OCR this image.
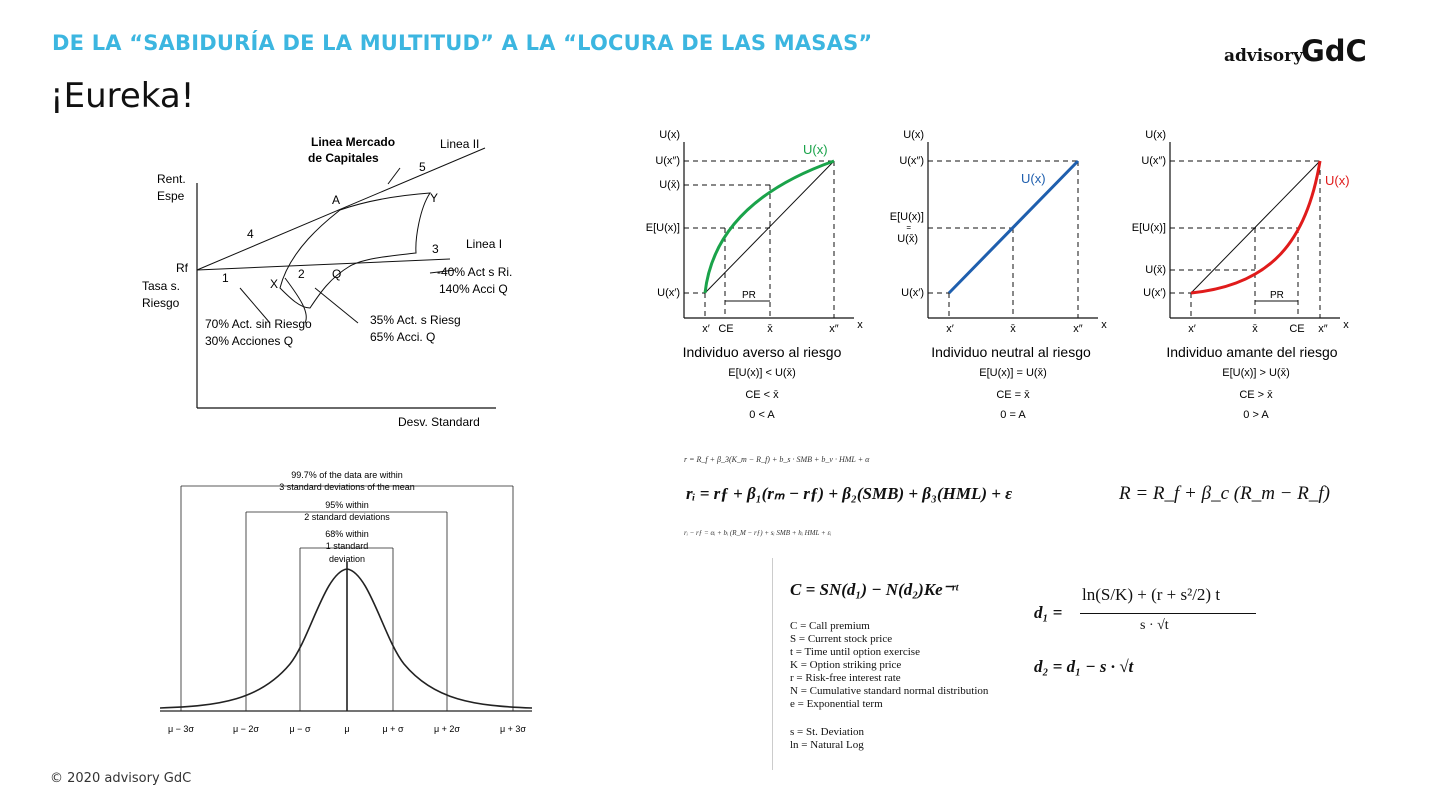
DE LA “SABIDURÍA DE LA MULTITUD” A LA “LOCURA DE LAS MASAS”
advisoryGdC
¡Eureka!
Linea Mercado
de Capitales
Linea II
Linea I
Rent.
Espe
Rf
Tasa s.
Riesgo
Desv. Standard
1	2
3
4
5
A	Y
X
Q
70% Act. sin Riesgo
30% Acciones Q
35% Act. s Riesg
65% Acci. Q
-40% Act s Ri.
140% Acci Q
99.7% of the data are within
3 standard deviations of the mean
95% within
2 standard deviations
68% within
1 standard
deviation
μ − 3σ	μ − 2σ	μ − σ	μ	μ + σ	μ + 2σ	μ + 3σ
U(x)
PR
U(x)
U(x″)
U(x̄)
E[U(x)]
U(x′)
x
x′ CE	x̄	x″
Individuo averso al riesgo
E[U(x)] < U(x̄)
CE < x̄
0 < A
U(x)
U(x)
U(x″)
E[U(x)]
=
U(x̄)
U(x′)
x
x′	x̄	x″
Individuo neutral al riesgo
E[U(x)] = U(x̄)
CE = x̄
0 = A
U(x)
PR
U(x)
U(x″)
E[U(x)]
U(x̄)
U(x′)
x
x′	x̄	CE x″
Individuo amante del riesgo
E[U(x)] > U(x̄)
CE > x̄
0 > A
r = R_f + β_3(K_m − R_f) + b_s · SMB + b_v · HML + α
rᵢ = rƒ + β₁(rₘ − rƒ) + β₂(SMB) + β₃(HML) + ε	R = R_f + β_c (R_m − R_f)
rᵢ − rƒ = αᵢ + bᵢ (R_M − rƒ) + sᵢ SMB + hᵢ HML + εᵢ
C = SN(d₁) − N(d₂)Ke⁻ʳᵗ
C = Call premium
S = Current stock price
t = Time until option exercise
K = Option striking price
r = Risk-free interest rate
N = Cumulative standard normal distribution
e = Exponential term
s = St. Deviation
ln = Natural Log
d₁ =
ln(S/K) + (r + s²/2) t
s · √t
d₂ = d₁ − s · √t
© 2020 advisory GdC
